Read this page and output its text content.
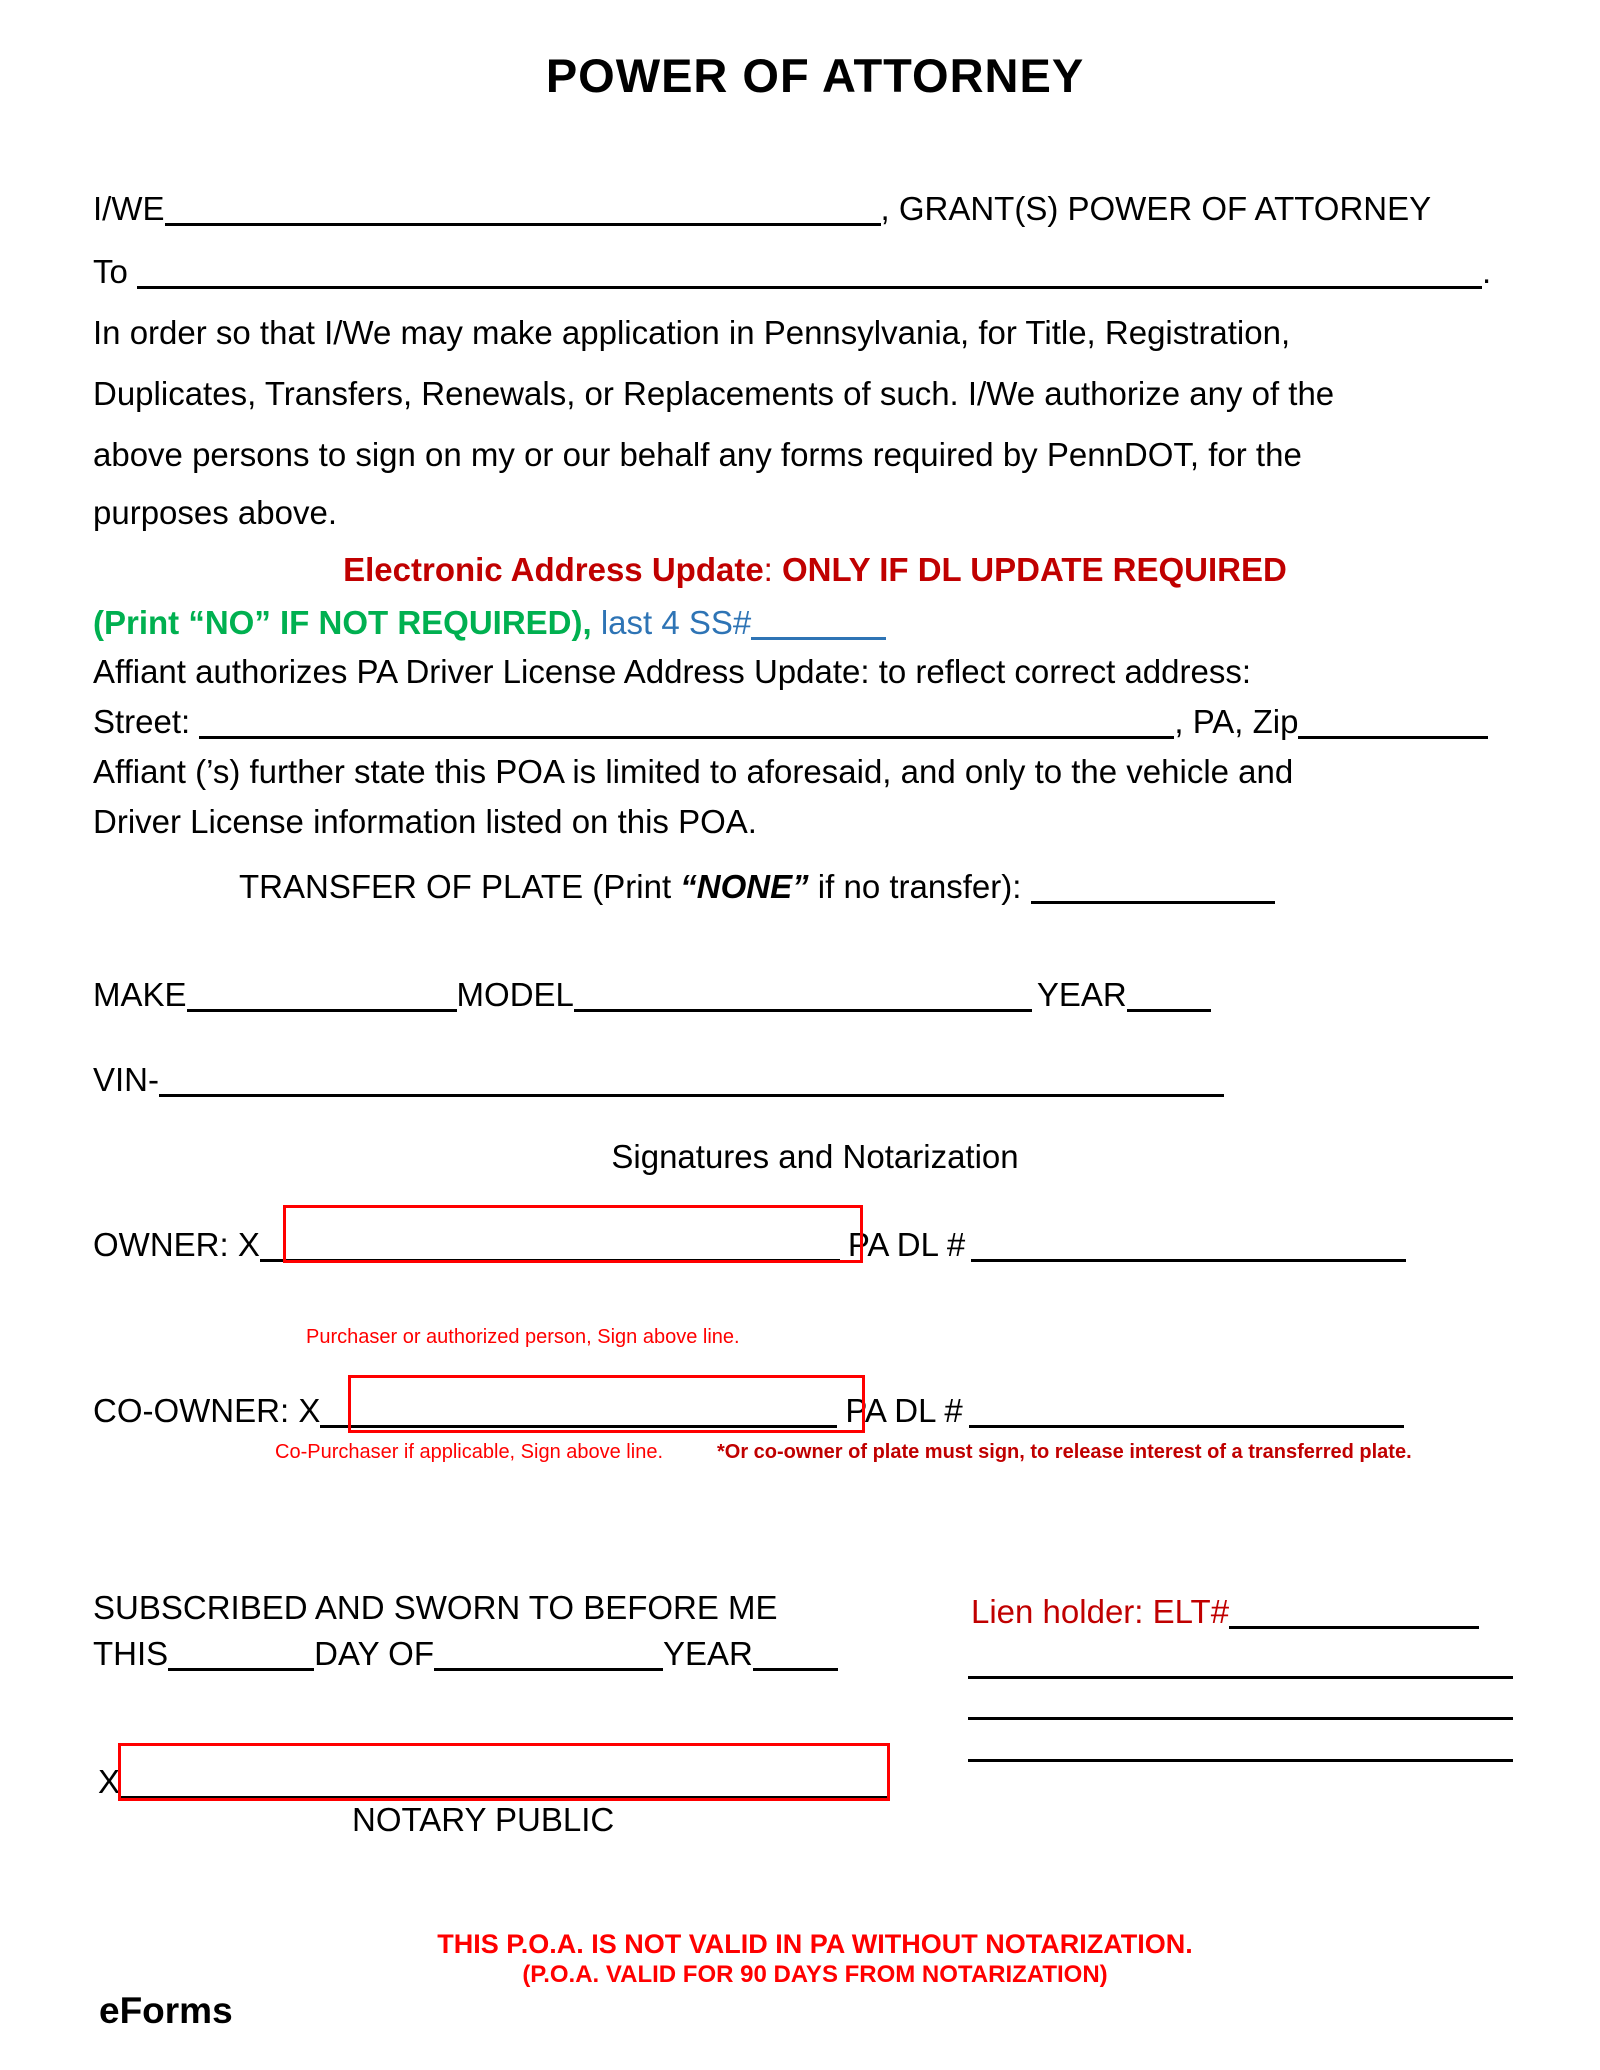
POWER OF ATTORNEY
I/WE	, GRANT(S) POWER OF ATTORNEY
To	.
In order so that I/We may make application in Pennsylvania, for Title, Registration,
Duplicates, Transfers, Renewals, or Replacements of such. I/We authorize any of the
above persons to sign on my or our behalf any forms required by PennDOT, for the
purposes above.
Electronic Address Update: ONLY IF DL UPDATE REQUIRED
(Print “NO” IF NOT REQUIRED), last 4 SS#
Affiant authorizes PA Driver License Address Update: to reflect correct address:
Street:	, PA, Zip
Affiant (’s) further state this POA is limited to aforesaid, and only to the vehicle and
Driver License information listed on this POA.
TRANSFER OF PLATE (Print “NONE” if no transfer):
MAKE	MODEL	YEAR
VIN-
Signatures and Notarization
OWNER: X	PA DL #
Purchaser or authorized person, Sign above line.
CO-OWNER: X	PA DL #
Co-Purchaser if applicable, Sign above line.	*Or co-owner of plate must sign, to release interest of a transferred plate.
SUBSCRIBED AND SWORN TO BEFORE ME
THIS	DAY OF	YEAR
Lien holder: ELT#
X
NOTARY PUBLIC
THIS P.O.A. IS NOT VALID IN PA WITHOUT NOTARIZATION.
(P.O.A. VALID FOR 90 DAYS FROM NOTARIZATION)
eForms
